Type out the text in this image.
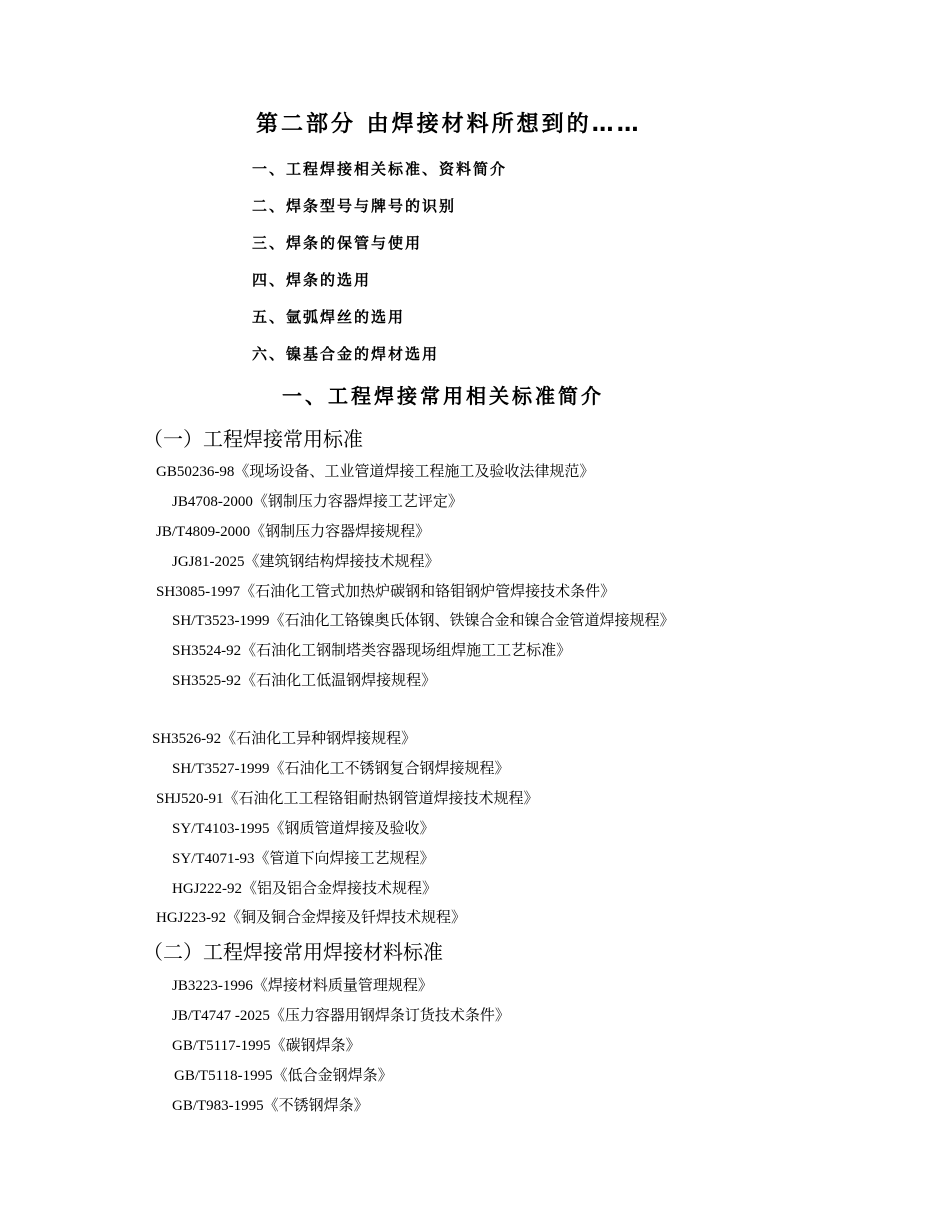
第二部分 由焊接材料所想到的……
一、工程焊接相关标准、资料简介
二、焊条型号与牌号的识别
三、焊条的保管与使用
四、焊条的选用
五、氩弧焊丝的选用
六、镍基合金的焊材选用
一、工程焊接常用相关标准简介
（一）工程焊接常用标准
GB50236-98《现场设备、工业管道焊接工程施工及验收法律规范》
JB4708-2000《钢制压力容器焊接工艺评定》
JB/T4809-2000《钢制压力容器焊接规程》
JGJ81-2025《建筑钢结构焊接技术规程》
SH3085-1997《石油化工管式加热炉碳钢和铬钼钢炉管焊接技术条件》
SH/T3523-1999《石油化工铬镍奥氏体钢、铁镍合金和镍合金管道焊接规程》
SH3524-92《石油化工钢制塔类容器现场组焊施工工艺标准》
SH3525-92《石油化工低温钢焊接规程》
SH3526-92《石油化工异种钢焊接规程》
SH/T3527-1999《石油化工不锈钢复合钢焊接规程》
SHJ520-91《石油化工工程铬钼耐热钢管道焊接技术规程》
SY/T4103-1995《钢质管道焊接及验收》
SY/T4071-93《管道下向焊接工艺规程》
HGJ222-92《铝及铝合金焊接技术规程》
HGJ223-92《铜及铜合金焊接及钎焊技术规程》
（二）工程焊接常用焊接材料标准
JB3223-1996《焊接材料质量管理规程》
JB/T4747 -2025《压力容器用钢焊条订货技术条件》
GB/T5117-1995《碳钢焊条》
GB/T5118-1995《低合金钢焊条》
GB/T983-1995《不锈钢焊条》
